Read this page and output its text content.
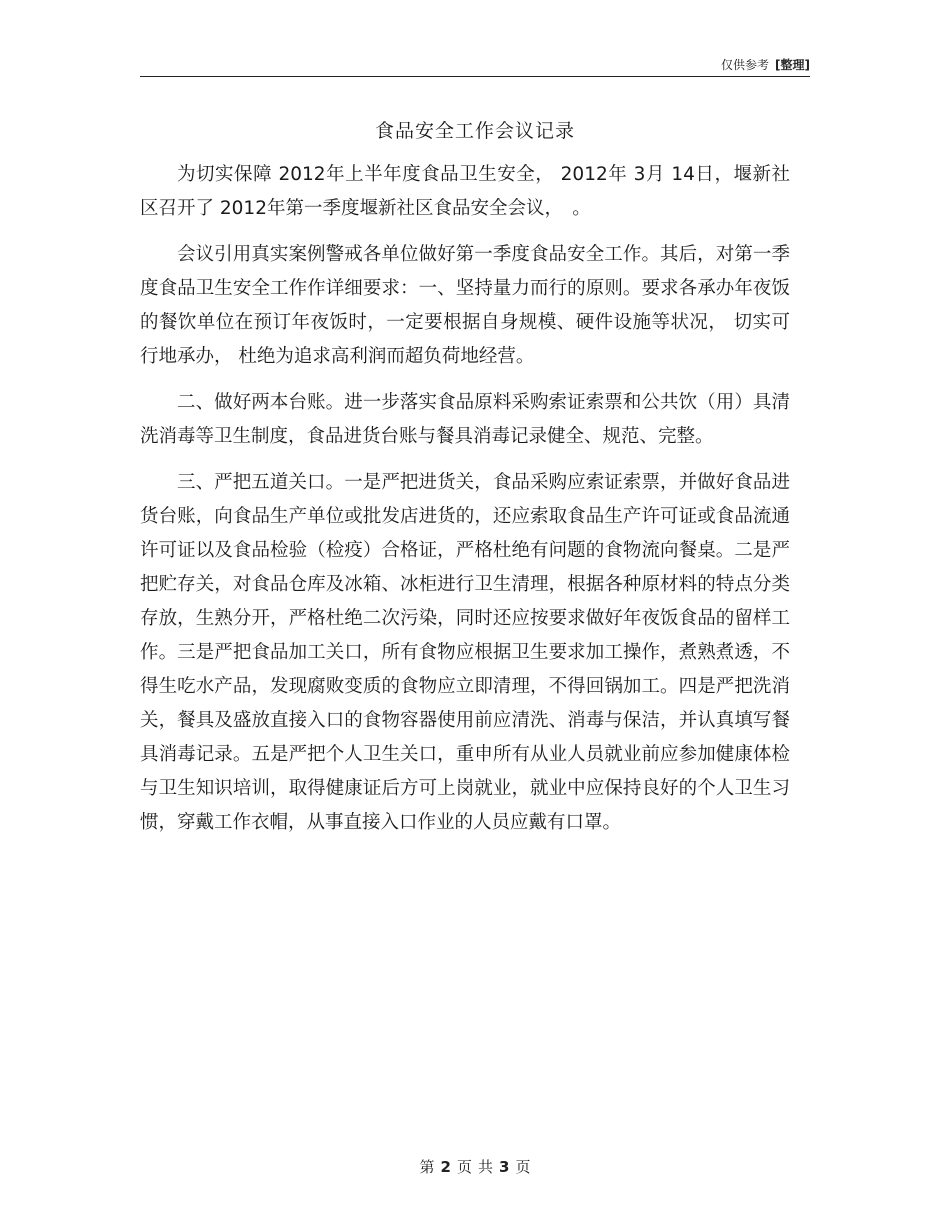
仅供参考 [整理]
食品安全工作会议记录

为切实保障 2012年上半年度食品卫生安全， 2012年 3月 14日，堰新社区召开了 2012年第一季度堰新社区食品安全会议，　。

会议引用真实案例警戒各单位做好第一季度食品安全工作。其后，对第一季度食品卫生安全工作作详细要求：一、坚持量力而行的原则。要求各承办年夜饭的餐饮单位在预订年夜饭时，一定要根据自身规模、硬件设施等状况， 切实可行地承办， 杜绝为追求高利润而超负荷地经营。

二、做好两本台账。进一步落实食品原料采购索证索票和公共饮（用）具清洗消毒等卫生制度，食品进货台账与餐具消毒记录健全、规范、完整。

三、严把五道关口。一是严把进货关，食品采购应索证索票，并做好食品进货台账，向食品生产单位或批发店进货的，还应索取食品生产许可证或食品流通许可证以及食品检验（检疫）合格证，严格杜绝有问题的食物流向餐桌。二是严把贮存关，对食品仓库及冰箱、冰柜进行卫生清理，根据各种原材料的特点分类存放，生熟分开，严格杜绝二次污染，同时还应按要求做好年夜饭食品的留样工作。三是严把食品加工关口，所有食物应根据卫生要求加工操作，煮熟煮透，不得生吃水产品，发现腐败变质的食物应立即清理，不得回锅加工。四是严把洗消关，餐具及盛放直接入口的食物容器使用前应清洗、消毒与保洁，并认真填写餐具消毒记录。五是严把个人卫生关口，重申所有从业人员就业前应参加健康体检与卫生知识培训，取得健康证后方可上岗就业，就业中应保持良好的个人卫生习惯，穿戴工作衣帽，从事直接入口作业的人员应戴有口罩。

第 2 页 共 3 页
